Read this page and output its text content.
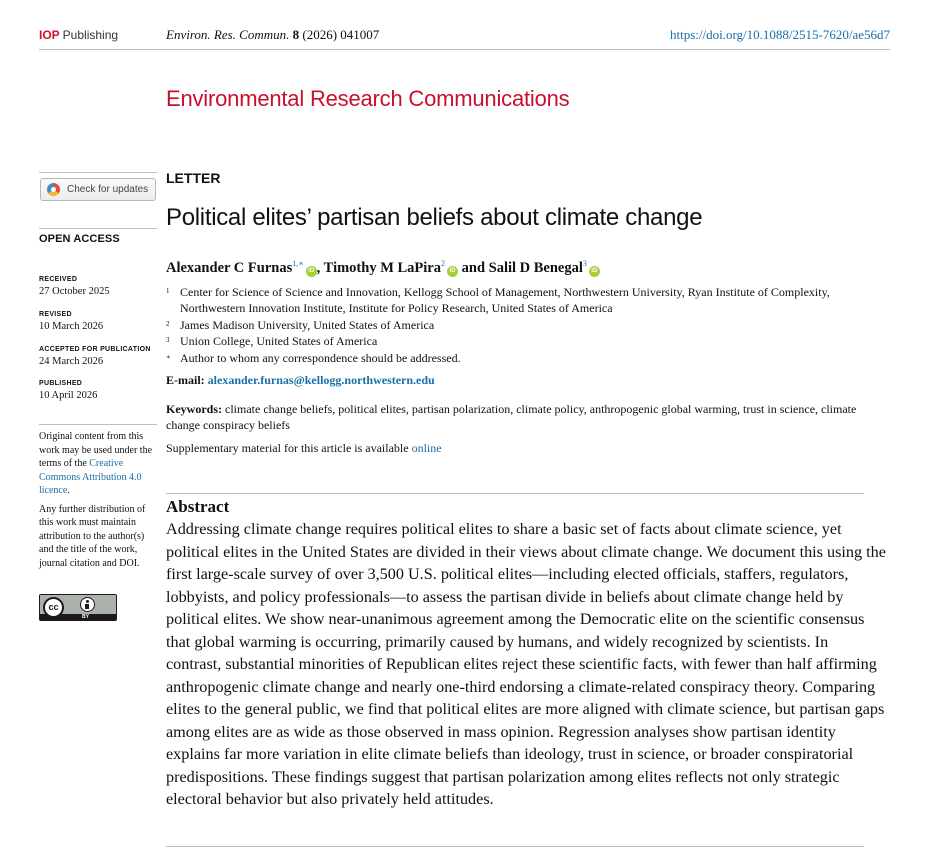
IOP Publishing	Environ. Res. Commun. 8 (2026) 041007	https://doi.org/10.1088/2515-7620/ae56d7
Environmental Research Communications
Check for updates
OPEN ACCESS
RECEIVED
27 October 2025
REVISED
10 March 2026
ACCEPTED FOR PUBLICATION
24 March 2026
PUBLISHED
10 April 2026

Original content from this work may be used under the terms of the Creative Commons Attribution 4.0 licence.

Any further distribution of this work must maintain attribution to the author(s) and the title of the work, journal citation and DOI.

cc
BY
LETTER
Political elites’ partisan beliefs about climate change
Alexander C Furnas$^{1,∗}$iD , Timothy M LaPira$^2$iD and Salil D Benegal$^3$iD
1 Center for Science of Science and Innovation, Kellogg School of Management, Northwestern University, Ryan Institute of Complexity, Northwestern Innovation Institute, Institute for Policy Research, United States of America
2 James Madison University, United States of America
3 Union College, United States of America
∗ Author to whom any correspondence should be addressed.
E-mail: alexander.furnas@kellogg.northwestern.edu
Keywords: climate change beliefs, political elites, partisan polarization, climate policy, anthropogenic global warming, trust in science, climate change conspiracy beliefs
Supplementary material for this article is available online
Abstract
Addressing climate change requires political elites to share a basic set of facts about climate science, yet political elites in the United States are divided in their views about climate change. We document this using the first large-scale survey of over 3,500 U.S. political elites—including elected officials, staffers, regulators, lobbyists, and policy professionals—to assess the partisan divide in beliefs about climate change held by political elites. We show near-unanimous agreement among the Democratic elite on the scientific consensus that global warming is occurring, primarily caused by humans, and widely recognized by scientists. In contrast, substantial minorities of Republican elites reject these scientific facts, with fewer than half affirming anthropogenic climate change and nearly one-third endorsing a climate-related conspiracy theory. Comparing elites to the general public, we find that political elites are more aligned with climate science, but partisan gaps among elites are as wide as those observed in mass opinion. Regression analyses show partisan identity explains far more variation in elite climate beliefs than ideology, trust in science, or broader conspiratorial predispositions. These findings suggest that partisan polarization among elites reflects not only strategic electoral behavior but also privately held attitudes.
